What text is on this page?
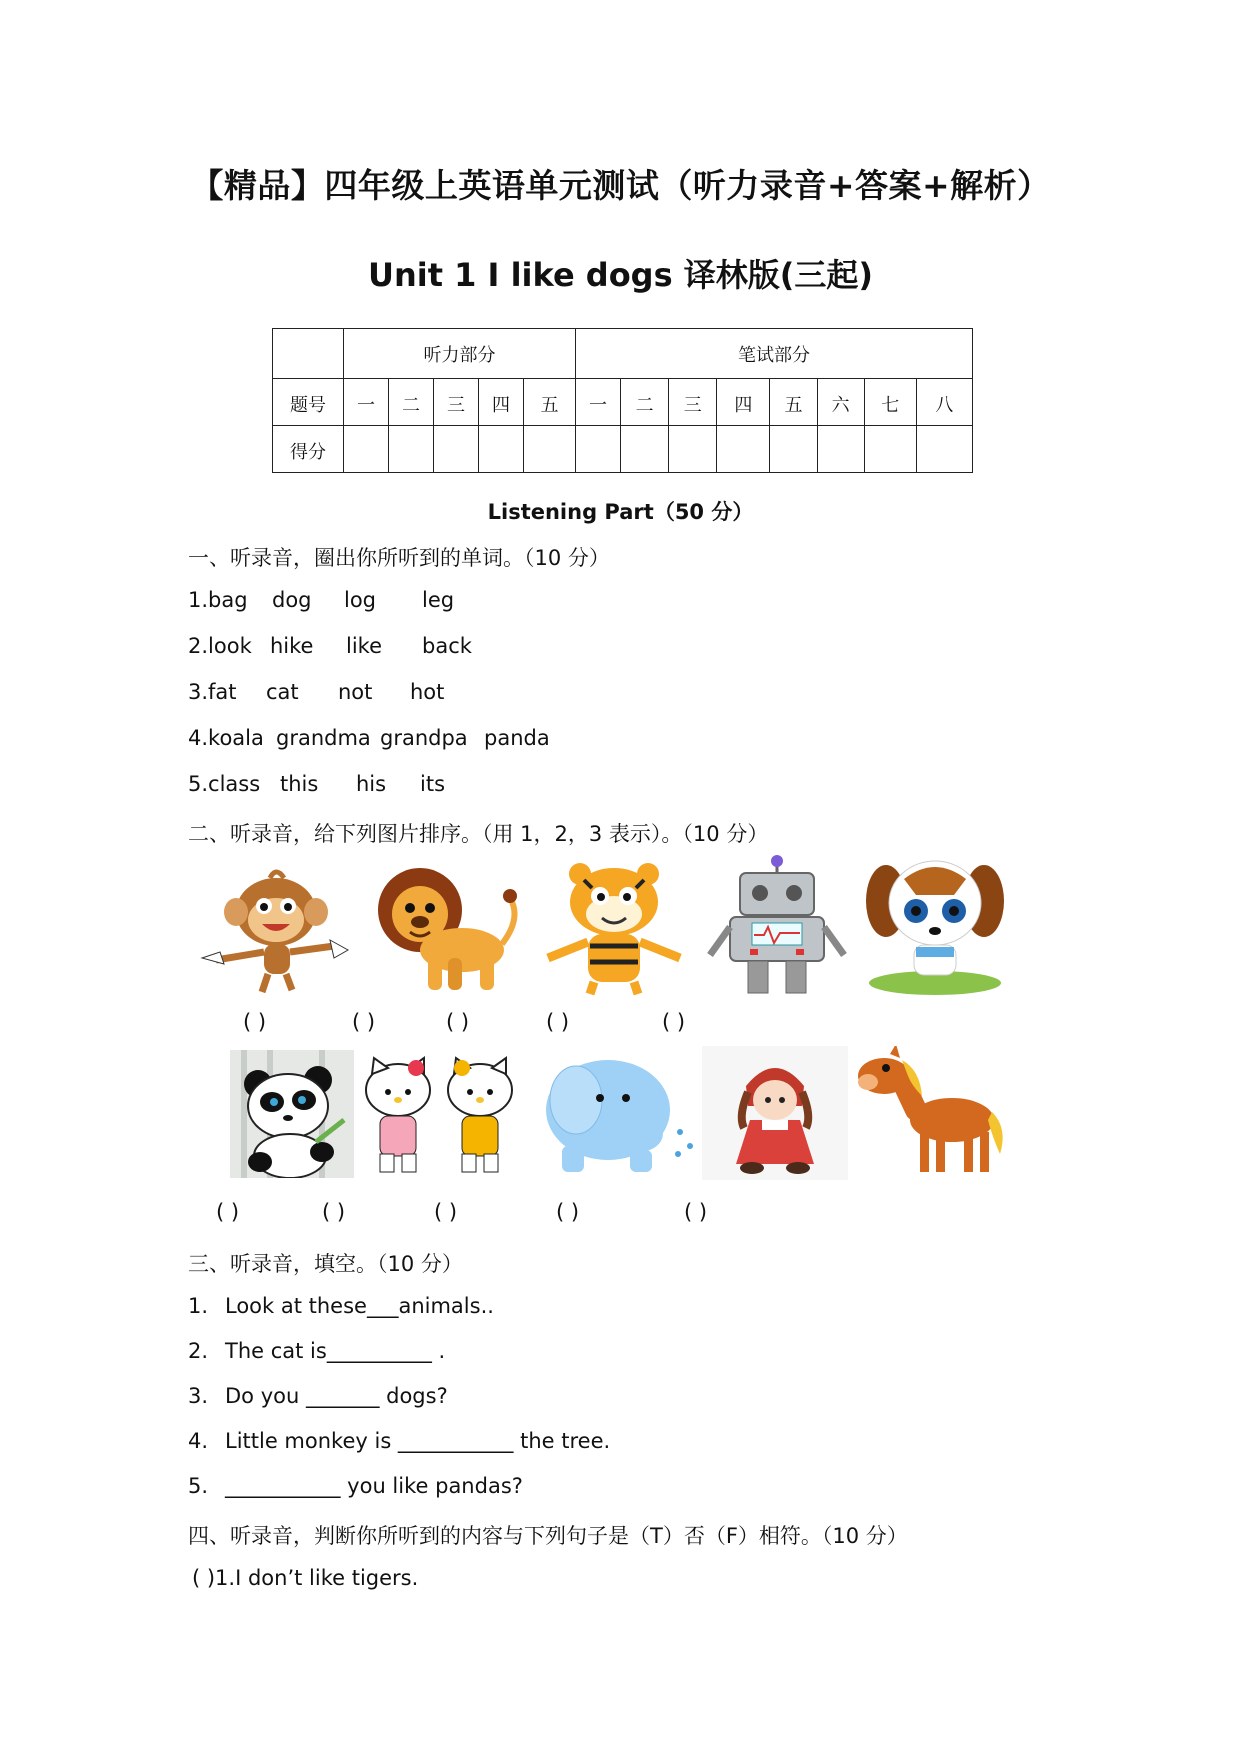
【精品】四年级上英语单元测试（听力录音+答案+解析）
Unit 1 I like dogs 译林版(三起)

	听力部分					笔试部分							

题号	一	二	三	四	五	一	二	三	四	五	六	七	八

得分													

Listening Part（50 分）
一、听录音，圈出你所听到的单词。（10 分）
1.bag dog log leg
2.look hike like back
3.fat cat not hot
4.koala grandma grandpa panda
5.class this his its
二、听录音，给下列图片排序。（用 1，2，3 表示）。（10 分）
( )	( )	( )	( )	( )
( )	( )	( )	( )	( )
三、听录音，填空。（10 分）
1. Look at these___animals..
2. The cat is__________ .
3. Do you _______ dogs?
4. Little monkey is ___________ the tree.
5. ___________ you like pandas?
四、听录音，判断你所听到的内容与下列句子是（T）否（F）相符。（10 分）
( )1.I don’t like tigers.
